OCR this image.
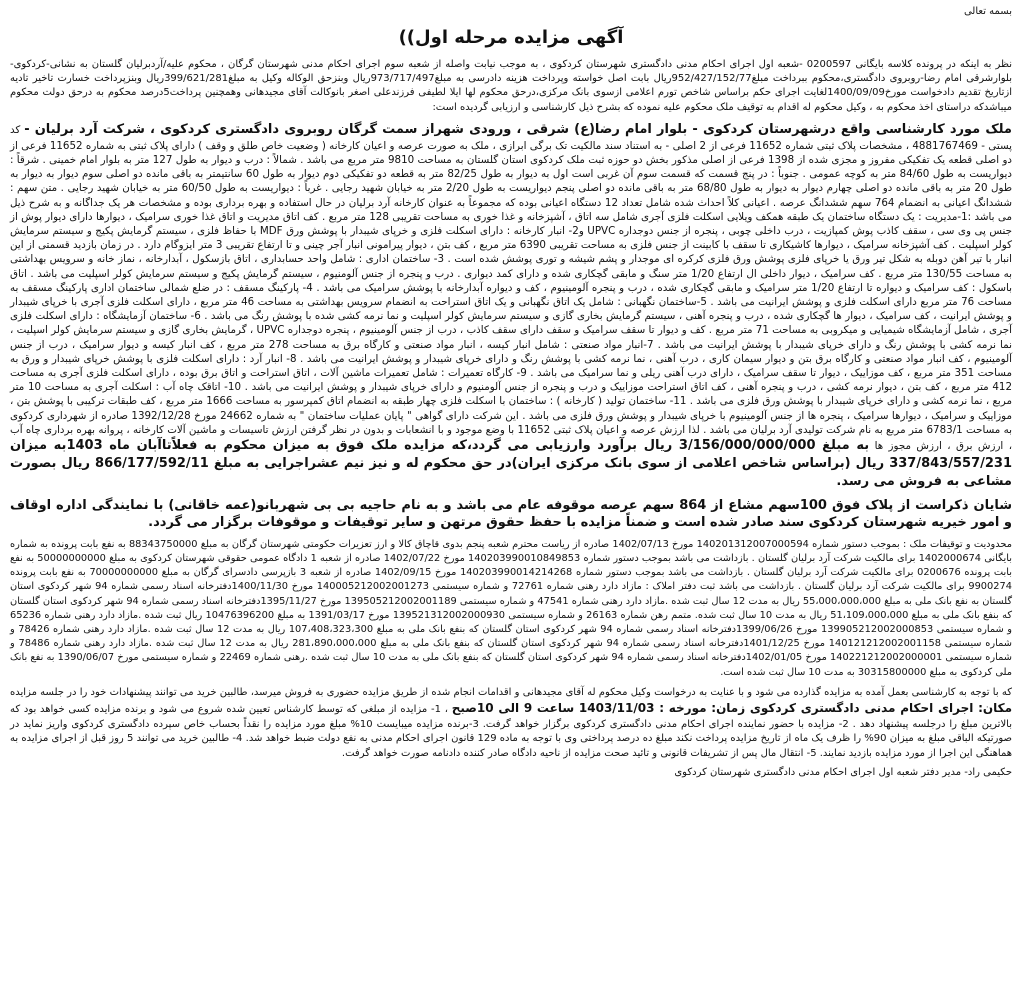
بسمه تعالی
آگهی مزایده مرحله اول))

نظر به اینکه در پرونده کلاسه بایگانی 0200597 -شعبه اول اجرای احکام مدنی دادگستری شهرستان کردکوی ، به موجب نیابت واصله از شعبه سوم اجرای احکام مدنی شهرستان گرگان ، محکوم علیه/آردبرلیان گلستان به نشانی-کردکوی-بلوارشرقی امام رضا-روبروی دادگستری،محکوم ببرداخت مبلغ952/427/152/77ریال بابت اصل خواسته وپرداخت هزینه دادرسی به مبلغ973/717/497ریال وبنزحق الوکاله وکیل به مبلغ399/621/281ریال وبنزپرداخت خسارت تاخیر تادیه ازتاریخ تقدیم دادخواست مورخ1400/09/09لغایت اجرای حکم براساس شاخص تورم اعلامی ازسوی بانک مرکزی،درحق محکوم لها ایلا لطیفی فرزندعلی اصغر بانوکالت آقای مجیدهانی وهمچنین پرداخت5درصد محکوم به درحق دولت محکوم میباشدکه دراستای اخذ محکوم به ، وکیل محکوم له اقدام به توقیف ملک محکوم علیه نموده که بشرح ذیل کارشناسی و ارزیابی گردیده است:

ملک مورد کارشناسی واقع درشهرستان کردکوی - بلوار امام رضا(ع) شرقی ، ورودی شهراز سمت گرگان روبروی دادگستری کردکوی ، شرکت آرد برلیان - کد پستی - 4881767469 ، مشخصات پلاک ثبتی شماره 11652 فرعی از 2 اصلی - به استناد سند مالکیت تک برگی ابرازی ، ملک به صورت عرصه و اعیان کارخانه ( وضعیت خاص طلق و وقف ) دارای پلاک ثبتی به شماره 11652 فرعی از دو اصلی قطعه یک تفکیکی مفروز و مجزی شده از 1398 فرعی از اصلی مذکور بخش دو حوزه ثبت ملک کردکوی استان گلستان به مساحت 9810 متر مربع می باشد . شمالاً : درب و دیوار به طول 127 متر به بلوار امام خمینی . شرقاً : دیواریست به طول 84/60 متر به کوچه عمومی . جنوباً : در پنج قسمت که قسمت سوم آن غربی است اول به دیوار به طول 82/25 متر به قطعه دو تفکیکی دوم دیوار به طول 60 سانتیمتر به باقی مانده دو اصلی سوم دیوار به دیوار به طول 20 متر به باقی مانده دو اصلی چهارم دیوار به دیوار به طول 68/80 متر به باقی مانده دو اصلی پنجم دیواریست به طول 2/20 متر به خیابان شهید رجایی . غرباً : دیواریست به طول 60/50 متر به خیابان شهید رجایی . متن سهم : ششدانگ اعیانی به انضمام 764 سهم ششدانگ عرصه . اعیانی کلاً احداث شده شامل تعداد 12 دستگاه اعیانی بوده که مجموعاً به عنوان کارخانه آرد برلیان در حال استفاده و بهره برداری بوده و مشخصات هر یک جداگانه و به شرح ذیل می باشد :1-مدیریت : یک دستگاه ساختمان یک طبقه همکف ویلایی اسکلت فلزی آجری شامل سه اتاق ، آشپزخانه و غذا خوری به مساحت تقریبی 128 متر مربع . کف اتاق مدیریت و اتاق غذا خوری سرامیک ، دیوارها دارای دیوار پوش از جنس پی وی سی ، سقف کاذب پوش کمپازیت ، درب داخلی چوبی ، پنجره از جنس دوجداره UPVC و2- انبار کارخانه : دارای اسکلت فلزی و خرپای شیبدار با پوشش ورق MDF با حفاظ فلزی ، سیستم گرمایش پکیج و سیستم سرمایش کولر اسپلیت . کف آشپزخانه سرامیک ، دیوارها کاشیکاری تا سقف با کابینت از جنس فلزی به مساحت تقریبی 6390 متر مربع ، کف بتن ، دیوار پیرامونی انبار آجر چینی و تا ارتفاع تقریبی 3 متر ایزوگام دارد . در زمان بازدید قسمتی از این انبار با تیر آهن دوبله به شکل تیر ورق یا خرپای فلزی پوشش ورق فلزی کرکره ای موجدار و پشم شیشه و توری پوشش شده است . 3- ساختمان اداری : شامل واحد حسابداری ، اتاق بازسکول ، آبدارخانه ، نماز خانه و سرویس بهداشتی به مساحت 130/55 متر مربع . کف سرامیک ، دیوار داخلی ال ارتفاع 1/20 متر سنگ و مابقی گچکاری شده و دارای کمد دیواری . درب و پنجره از جنس آلومنیوم ، سیستم گرمایش پکیج و سیستم سرمایش کولر اسپلیت می باشد . اتاق باسکول : کف سرامیک و دیواره تا ارتفاع 1/20 متر سرامیک و مابقی گچکاری شده ، درب و پنجره آلومینیوم ، کف و دیواره آبدارخانه با پوشش سرامیک می باشد . 4- پارکینگ مسقف : در ضلع شمالی ساختمان اداری پارکینگ مسقف به مساحت 76 متر مربع دارای اسکلت فلزی و پوشش ایرانیت می باشد . 5-ساختمان نگهبانی : شامل یک اتاق نگهبانی و یک اتاق استراحت به انضمام سرویس بهداشتی به مساحت 46 متر مربع ، دارای اسکلت فلزی آجری با خرپای شیبدار و پوشش ایرانیت ، کف سرامیک ، دیوار ها گچکاری شده ، درب و پنجره آهنی ، سیستم گرمایش بخاری گازی و سیستم سرمایش کولر اسپلیت و نما نرمه کشی شده با پوشش رنگ می باشد . 6- ساختمان آزمایشگاه : دارای اسکلت فلزی آجری ، شامل آزمایشگاه شیمیایی و میکروبی به مساحت 71 متر مربع . کف و دیوار تا سقف سرامیک و سقف دارای سقف کاذب ، درب از جنس آلومینیوم ، پنجره دوجداره UPVC ، گرمایش بخاری گازی و سیستم سرمایش کولر اسپلیت ، نما نرمه کشی با پوشش رنگ و دارای خرپای شیبدار با پوشش ایرانیت می باشد . 7-انبار مواد صنعتی : شامل انبار کیسه ، انبار مواد صنعتی و کارگاه برق به مساحت 278 متر مربع ، کف انبار کیسه و دیوار سرامیک ، درب از جنس آلومینیوم ، کف انبار مواد صنعتی و کارگاه برق بتن و دیوار سیمان کاری ، درب آهنی ، نما نرمه کشی با پوشش رنگ و دارای خرپای شیبدار و پوشش ایرانیت می باشد . 8- انبار آرد : دارای اسکلت فلزی با پوشش خرپای شیبدار و ورق به مساحت 351 متر مربع ، کف موزاییک ، دیوار تا سقف سرامیک ، دارای درب آهنی ریلی و نما سرامیک می باشد . 9- کارگاه تعمیرات : شامل تعمیرات ماشین آلات ، اتاق استراحت و اتاق برق بوده ، دارای اسکلت فلزی آجری به مساحت 412 متر مربع ، کف بتن ، دیوار نرمه کشی ، درب و پنجره آهنی ، کف اتاق استراحت موزاییک و درب و پنجره از جنس آلومنیوم و دارای خرپای شیبدار و پوشش ایرانیت می باشد . 10- اتاقک چاه آب : اسکلت آجری به مساحت 10 متر مربع ، نما نرمه کشی و دارای خرپای شیبدار با پوشش ورق فلزی می باشد . 11- ساختمان تولید ( کارخانه ) : ساختمان با اسکلت فلزی چهار طبقه به انضمام اتاق کمپرسور به مساحت 1666 متر مربع ، کف طبقات ترکیبی با پوشش بتن ، موزاییک و سرامیک ، دیوارها سرامیک ، پنجره ها از جنس آلومینیوم با خرپای شیبدار و پوشش ورق فلزی می باشد . این شرکت دارای گواهی " پایان عملیات ساختمان " به شماره 24662 مورخ 1392/12/28 صادره از شهرداری کردکوی به مساحت 6783/1 متر مربع به نام شرکت تولیدی آرد برلیان می باشد . لذا ارزش عرصه و اعیان پلاک ثبتی 11652 با وضع موجود و با انشعابات و بدون در نظر گرفتن ارزش تاسیسات و ماشین آلات کارخانه ، پروانه بهره برداری چاه آب ، ارزش برق ، ارزش مجوز ها به مبلغ 3/156/000/000/000 ریال برآورد وارزیابی می گردد،که مزایده ملک فوق به میزان محکوم به فعلاًتاآبان ماه 1403به میزان 337/843/557/231 ریال (براساس شاخص اعلامی از سوی بانک مرکزی ایران)در حق محکوم له و نیز نیم عشراجرایی به مبلغ 866/177/592/11 ریال بصورت مشاعی به فروش می رسد.

شایان ذکراست از پلاک فوق 100سهم مشاع از 864 سهم عرصه موقوفه عام می باشد و به نام حاجیه بی بی شهربانو(عمه خاقانی) با نمایندگی اداره اوقاف و امور خیریه شهرستان کردکوی سند صادر شده است و ضمناً مزایده با حفظ حقوق مرتهن و سایر توقیفات و موقوفات برگزار می گردد.

محدودیت و توقیفات ملک : بموجب دستور شماره 140201312007000594 مورخ 1402/07/13 صادره از ریاست محترم شعبه پنجم بدوی قاچاق کالا و ارز تعزیرات حکومتی شهرستان گرگان به مبلغ 88343750000 به نفع بابت پرونده به شماره بایگانی 1402000674 برای مالکیت شرکت آرد برلیان گلستان . بازداشت می باشد بموجب دستور شماره 140203990010849853 مورخ 1402/07/22 صادره از شعبه 1 دادگاه عمومی حقوقی شهرستان کردکوی به مبلغ 50000000000 به نفع بابت پرونده 0200676 برای مالکیت شرکت آرد برلیان گلستان . بازداشت می باشد بموجب دستور شماره 140203990014214268 مورخ 1402/09/15 صادره از شعبه 3 بازپرسی دادسرای گرگان به مبلغ 70000000000 به نفع بابت پرونده 9900274 برای مالکیت شرکت آرد برلیان گلستان . بازداشت می باشد ثبت دفتر املاک : مازاد دارد رهنی شماره 72761 و شماره سیستمی 140005212002001273 مورخ 1400/11/30دفترخانه اسناد رسمی شماره 94 شهر کردکوی استان گلستان به نفع بانک ملی به مبلغ 55،000،000،000 ریال به مدت 12 سال ثبت شده .مازاد دارد رهنی شماره 47541 و شماره سیستمی 139505212002001189 مورخ 1395/11/27دفترخانه اسناد رسمی شماره 94 شهر کردکوی استان گلستان که بنفع بانک ملی به مبلغ 51،109،000،000 ریال به مدت 10 سال ثبت شده. متمم رهن شماره 26163 و شماره سیستمی 139521312002000930 مورخ 1391/03/17 به مبلغ 10476396200 ریال ثبت شده .مازاد دارد رهنی شماره 65236 و شماره سیستمی 139905212002000853 مورخ 1399/06/26دفترخانه اسناد رسمی شماره 94 شهر کردکوی استان گلستان که بنفع بانک ملی به مبلغ 107،408،323،300 ریال به مدت 12 سال ثبت شده .مازاد دارد رهنی شماره 78426 و شماره سیستمی 140121212002001158 مورخ 1401/12/25دفترخانه اسناد رسمی شماره 94 شهر کردکوی استان گلستان که بنفع بانک ملی به مبلغ 281،890،000،000 ریال به مدت 12 سال ثبت شده .مازاد دارد رهنی شماره 78486 و شماره سیستمی 140221212002000001 مورخ 1402/01/05دفترخانه اسناد رسمی شماره 94 شهر کردکوی استان گلستان که بنفع بانک ملی به مدت 10 سال ثبت شده .رهنی شماره 22469 و شماره سیستمی مورخ 1390/06/07 به نفع بانک ملی کردکوی به مبلغ 30315800000 به مدت 10 سال ثبت شده است.

که با توجه به کارشناسی بعمل آمده به مزایده گذارده می شود و با عنایت به درخواست وکیل محکوم له آقای مجیدهانی و اقدامات انجام شده از طریق مزایده حضوری به فروش میرسد، طالبین خرید می توانند پیشنهادات خود را در جلسه مزایده مکان: اجرای احکام مدنی دادگستری کردکوی زمان: مورخه : 1403/11/03 ساعت 9 الی 10صبح ، 1- مزایده از مبلغی که توسط کارشناس تعیین شده شروع می شود و برنده مزایده کسی خواهد بود که بالاترین مبلغ را درجلسه پیشنهاد دهد . 2- مزایده با حضور نماینده اجرای احکام مدنی دادگستری کردکوی برگزار خواهد گرفت. 3-برنده مزایده میبایست 10% مبلغ مورد مزایده را نقداً بحساب خاص سپرده دادگستری کردکوی واریز نماید در صورتیکه الباقی مبلغ به میزان 90% را ظرف یک ماه از تاریخ مزایده پرداخت نکند مبلغ ده درصد پرداختی وی با توجه به ماده 129 قانون اجرای احکام مدنی به نفع دولت ضبط خواهد شد. 4- طالبین خرید می توانند 5 روز قبل از اجرای مزایده به هماهنگی این اجرا از مورد مزایده بازدید نمایند. 5- انتقال مال پس از تشریفات قانونی و تائید صحت مزایده از ناحیه دادگاه صادر کننده دادنامه صورت خواهد گرفت.

حکیمی راد- مدیر دفتر شعبه اول اجرای احکام مدنی دادگستری شهرستان کردکوی
